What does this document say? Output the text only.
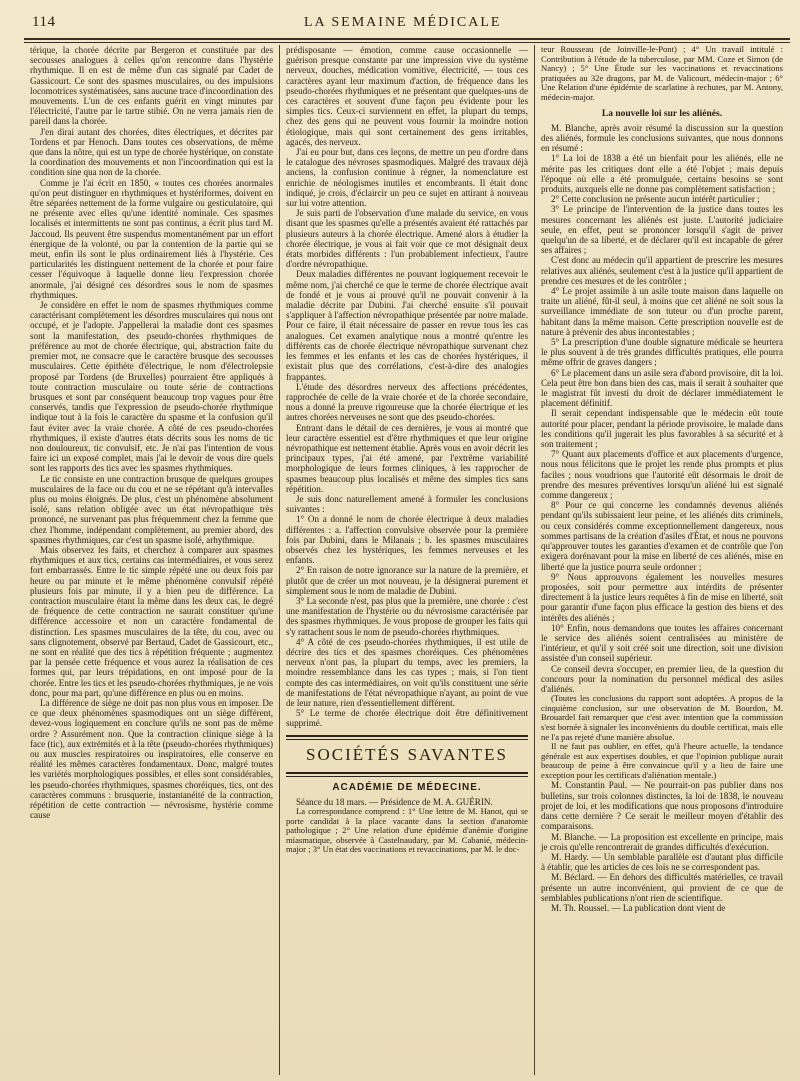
114	LA SEMAINE MÉDICALE

térique, la chorée décrite par Bergeron et constituée par des secousses analogues à celles qu'on rencontre dans l'hystérie rhythmique. Il en est de même d'un cas signalé par Cadet de Gassicourt. Ce sont des spasmes musculaires, ou des impulsions locomotrices systématisées, sans aucune trace d'incoordination des mouvements. L'un de ces enfants guérit en vingt minutes par l'électricité, l'autre par le tartre stibié. On ne verra jamais rien de pareil dans la chorée.

J'en dirai autant des chorées, dites électriques, et décrites par Tordens et par Henoch. Dans toutes ces observations, de même que dans la nôtre, qui est un type de chorée hystérique, on constate la coordination des mouvements et non l'incoordination qui est la condition sine qua non de la chorée.

Comme je l'ai écrit en 1850, « toutes ces chorées anormales qu'on peut distinguer en rhythmiques et hystériformes, doivent en être séparées nettement de la forme vulgaire ou gesticulatoire, qui ne présente avec elles qu'une identité nominale. Ces spasmes localisés et intermittents ne sont pas continus, a écrit plus tard M. Jaccoud. Ils peuvent être suspendus momentanément par un effort énergique de la volonté, ou par la contention de la partie qui se meut, enfin ils sont le plus ordinairement liés à l'hystérie. Ces particularités les distinguent nettement de la chorée et pour faire cesser l'équivoque à laquelle donne lieu l'expression chorée anormale, j'ai désigné ces désordres sous le nom de spasmes rhythmiques.

Je considère en effet le nom de spasmes rhythmiques comme caractérisant complètement les désordres musculaires qui nous ont occupé, et je l'adopte. J'appellerai la maladie dont ces spasmes sont la manifestation, des pseudo-chorées rhythmiques de préférence au mot de chorée électrique, qui, abstraction faite du premier mot, ne consacre que le caractère brusque des secousses musculaires. Cette épithète d'électrique, le nom d'électrolepsie proposé par Tordens (de Bruxelles) pourraient être appliqués à toute contraction musculaire ou toute série de contractions brusques et sont par conséquent beaucoup trop vagues pour être conservés, tandis que l'expression de pseudo-chorée rhythmique indique tout à la fois le caractère du spasme et la confusion qu'il faut éviter avec la vraie chorée. A côté de ces pseudo-chorées rhythmiques, il existe d'autres états décrits sous les noms de tic non douloureux, tic convulsif, etc. Je n'ai pas l'intention de vous faire ici un exposé complet, mais j'ai le devoir de vous dire quels sont les rapports des tics avec les spasmes rhythmiques.

Le tic consiste en une contraction brusque de quelques groupes musculaires de la face ou du cou et ne se répétant qu'à intervalles plus ou moins éloignés. De plus, c'est un phénomène absolument isolé, sans relation obligée avec un état névropathique très prononcé, ne survenant pas plus fréquemment chez la femme que chez l'homme, indépendant complètement, au premier abord, des spasmes rhythmiques, car c'est un spasme isolé, arhythmique.

Mais observez les faits, et cherchez à comparer aux spasmes rhythmiques et aux tics, certains cas intermédiaires, et vous serez fort embarrassés. Entre le tic simple répété une ou deux fois par heure ou par minute et le même phénomène convulsif répété plusieurs fois par minute, il y a bien peu de différence. La contraction musculaire étant la même dans les deux cas, le degré de fréquence de cette contraction ne saurait constituer qu'une différence accessoire et non un caractère fondamental de distinction. Les spasmes musculaires de la tête, du cou, avec ou sans clignotement, observé par Bertaud, Cadet de Gassicourt, etc., ne sont en réalité que des tics à répétition fréquente ; augmentez par la pensée cette fréquence et vous aurez la réalisation de ces formes qui, par leurs trépidations, en ont imposé pour de la chorée. Entre les tics et les pseudo-chorées rhythmiques, je ne vois donc, pour ma part, qu'une différence en plus ou en moins.

La différence de siège ne doit pas non plus vous en imposer. De ce que deux phénomènes spasmodiques ont un siège différent, devez-vous logiquement en conclure qu'ils ne sont pas de même ordre ? Assurément non. Que la contraction clinique siège à la face (tic), aux extrémités et à la tête (pseudo-chorées rhythmiques) ou aux muscles respiratoires ou inspiratoires, elle conserve en réalité les mêmes caractères fondamentaux. Donc, malgré toutes les variétés morphologiques possibles, et elles sont considérables, les pseudo-chorées rhythmiques, spasmes choréiques, tics, ont des caractères communs : brusquerie, instantanéité de la contraction, répétition de cette contraction — névrosisme, hystérie comme cause

prédisposante — émotion, comme cause occasionnelle — guérison presque constante par une impression vive du système nerveux, douches, médication vomitive, électricité, — tous ces caractères ayant leur maximum d'action, de fréquence dans les pseudo-chorées rhythmiques et ne présentant que quelques-uns de ces caractères et souvent d'une façon peu évidente pour les simples tics. Ceux-ci surviennent en effet, la plupart du temps, chez des gens qui ne peuvent vous fournir la moindre notion étiologique, mais qui sont certainement des gens irritables, agacés, des nerveux.

J'ai eu pour but, dans ces leçons, de mettre un peu d'ordre dans le catalogue des névroses spasmodiques. Malgré des travaux déjà anciens, la confusion continue à régner, la nomenclature est enrichie de néologismes inutiles et encombrants. Il était donc indiqué, je crois, d'éclaircir un peu ce sujet en attirant à nouveau sur lui votre attention.

Je suis parti de l'observation d'une malade du service, en vous disant que les spasmes qu'elle a présentés avaient été rattachés par plusieurs auteurs à la chorée électrique. Amené alors à étudier la chorée électrique, je vous ai fait voir que ce mot désignait deux états morbides différents : l'un probablement infectieux, l'autre d'ordre névropathique.

Deux maladies différentes ne pouvant logiquement recevoir le même nom, j'ai cherché ce que le terme de chorée électrique avait de fondé et je vous ai prouvé qu'il ne pouvait convenir à la maladie décrite par Dubini. J'ai cherché ensuite s'il pouvait s'appliquer à l'affection névropathique présentée par notre malade. Pour ce faire, il était nécessaire de passer en revue tous les cas analogues. Cet examen analytique nous a montré qu'entre les différents cas de chorée électrique névropathique survenant chez les femmes et les enfants et les cas de chorées hystériques, il existait plus que des corrélations, c'est-à-dire des analogies frappantes.

L'étude des désordres nerveux des affections précédentes, rapprochée de celle de la vraie chorée et de la chorée secondaire, nous a donné la preuve rigoureuse que la chorée électrique et les autres chorées nerveuses ne sont que des pseudo-chorées.

Entrant dans le détail de ces dernières, je vous ai montré que leur caractère essentiel est d'être rhythmiques et que leur origine névropathique est nettement établie. Après vous en avoir décrit les principaux types, j'ai été amené, par l'extrême variabilité morphologique de leurs formes cliniques, à les rapprocher de spasmes beaucoup plus localisés et même des simples tics sans répétition.

Je suis donc naturellement amené à formuler les conclusions suivantes :

1° On a donné le nom de chorée électrique à deux maladies différentes : a. l'affection convulsive observée pour la première fois par Dubini, dans le Milanais ; b. les spasmes musculaires observés chez les hystériques, les femmes nerveuses et les enfants.

2° En raison de notre ignorance sur la nature de la première, et plutôt que de créer un mot nouveau, je la désignerai purement et simplement sous le nom de maladie de Dubini.

3° La seconde n'est, pas plus que la première, une chorée : c'est une manifestation de l'hystérie ou du névrosisme caractérisée par des spasmes rhythmiques. Je vous propose de grouper les faits qui s'y rattachent sous le nom de pseudo-chorées rhythmiques.

4° A côté de ces pseudo-chorées rhythmiques, il est utile de décrire des tics et des spasmes choréiques. Ces phénomènes nerveux n'ont pas, la plupart du temps, avec les premiers, la moindre ressemblance dans les cas types ; mais, si l'on tient compte des cas intermédiaires, on voit qu'ils constituent une série de manifestations de l'état névropathique n'ayant, au point de vue de leur nature, rien d'essentiellement différent.

5° Le terme de chorée électrique doit être définitivement supprimé.

SOCIÉTÉS SAVANTES
ACADÉMIE DE MÉDECINE.

Séance du 18 mars. — Présidence de M. A. GUÉRIN.

La correspondance comprend : 1° Une lettre de M. Hanot, qui se porte candidat à la place vacante dans la section d'anatomie pathologique ; 2° Une relation d'une épidémie d'anémie d'origine miasmatique, observée à Castelnaudary, par M. Cabanié, médecin-major ; 3° Un état des vaccinations et revaccinations, par M. le doc-

teur Rousseau (de Joinville-le-Pont) ; 4° Un travail intitulé : Contribution à l'étude de la tuberculose, par MM. Coze et Simon (de Nancy) ; 5° Une Étude sur les vaccinations et revaccinations pratiquées au 32e dragons, par M. de Valicourt, médecin-major ; 6° Une Relation d'une épidémie de scarlatine à rechutes, par M. Antony, médecin-major.

La nouvelle loi sur les aliénés.

M. Blanche, après avoir résumé la discussion sur la question des aliénés, formule les conclusions suivantes, que nous donnons en résumé :

1° La loi de 1838 a été un bienfait pour les aliénés, elle ne mérite pas les critiques dont elle a été l'objet ; mais depuis l'époque où elle a été promulguée, certains besoins se sont produits, auxquels elle ne donne pas complètement satisfaction ;

2° Cette conclusion ne présente aucun intérêt particulier ;

3° Le principe de l'intervention de la justice dans toutes les mesures concernant les aliénés est juste. L'autorité judiciaire seule, en effet, peut se prononcer lorsqu'il s'agit de priver quelqu'un de sa liberté, et de déclarer qu'il est incapable de gérer ses affaires ;

C'est donc au médecin qu'il appartient de prescrire les mesures relatives aux aliénés, seulement c'est à la justice qu'il appartient de prendre ces mesures et de les contrôler ;

4° Le projet assimile à un asile toute maison dans laquelle on traite un aliéné, fût-il seul, à moins que cet aliéné ne soit sous la surveillance immédiate de son tuteur ou d'un proche parent, habitant dans la même maison. Cette prescription nouvelle est de nature à prévenir des abus incontestables ;

5° La prescription d'une double signature médicale se heurtera le plus souvent à de très grandes difficultés pratiques, elle pourra même offrir de graves dangers ;

6° Le placement dans un asile sera d'abord provisoire, dit la loi. Cela peut être bon dans bien des cas, mais il serait à souhaiter que le magistrat fût investi du droit de déclarer immédiatement le placement définitif.

Il serait cependant indispensable que le médecin eût toute autorité pour placer, pendant la période provisoire, le malade dans les conditions qu'il jugerait les plus favorables à sa sécurité et à son traitement ;

7° Quant aux placements d'office et aux placements d'urgence, nous nous félicitons que le projet les rende plus prompts et plus faciles ; nous voudrions que l'autorité eût désormais le droit de prendre des mesures préventives lorsqu'un aliéné lui est signalé comme dangereux ;

8° Pour ce qui concerne les condamnés devenus aliénés pendant qu'ils subissaient leur peine, et les aliénés dits criminels, ou ceux considérés comme exceptionnellement dangereux, nous sommes partisans de la création d'asiles d'État, et nous ne pouvons qu'approuver toutes les garanties d'examen et de contrôle que l'on exigera dorénavant pour la mise en liberté de ces aliénés, mise en liberté que la justice pourra seule ordonner ;

9° Nous approuvons également les nouvelles mesures proposées, soit pour permettre aux intérdits de présenter directement à la justice leurs requêtes à fin de mise en liberté, soit pour garantir d'une façon plus efficace la gestion des biens et des intérêts des aliénés ;

10° Enfin, nous demandons que toutes les affaires concernant le service des aliénés soient centralisées au ministère de l'intérieur, et qu'il y soit créé soit une direction, soit une division assistée d'un conseil supérieur.

Ce conseil devra s'occuper, en premier lieu, de la question du concours pour la nomination du personnel médical des asiles d'aliénés.

(Toutes les conclusions du rapport sont adoptées. A propos de la cinquième conclusion, sur une observation de M. Bourdon, M. Brouardel fait remarquer que c'est avec intention que la commission s'est bornée à signaler les inconvénients du double certificat, mais elle ne l'a pas rejeté d'une manière absolue.

Il ne faut pas oublier, en effet, qu'à l'heure actuelle, la tendance générale est aux expertises doubles, et que l'opinion publique aurait beaucoup de peine à être convaincue qu'il y a lieu de faire une exception pour les certificats d'aliénation mentale.)

M. Constantin Paul. — Ne pourrait-on pas publier dans nos bulletins, sur trois colonnes distinctes, la loi de 1838, le nouveau projet de loi, et les modifications que nous proposons d'introduire dans cette dernière ? Ce serait le meilleur moyen d'établir des comparaisons.

M. Blanche. — La proposition est excellente en principe, mais je crois qu'elle rencontrerait de grandes difficultés d'exécution.

M. Hardy. — Un semblable parallèle est d'autant plus difficile à établir, que les articles de ces lois ne se correspondent pas.

M. Béclard. — En dehors des difficultés matérielles, ce travail présente un autre inconvénient, qui provient de ce que de semblables publications n'ont rien de scientifique.

M. Th. Roussel. — La publication dont vient de
